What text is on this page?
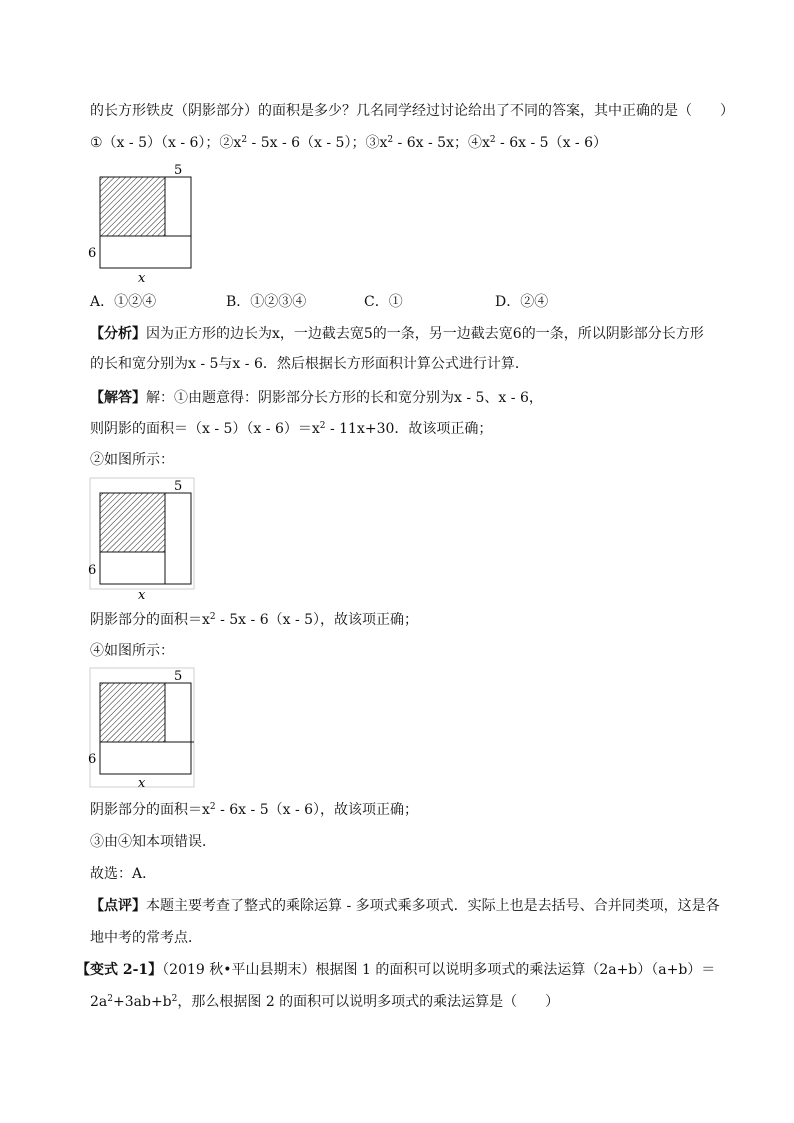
的长方形铁皮（阴影部分）的面积是多少？几名同学经过讨论给出了不同的答案，其中正确的是（　　）
①（x - 5）（x - 6）；$②x^2 - 5x - 6(x - 5)$；$③x^2 - 6x - 5x$；$④x^2 - 6x - 5(x - 6)$
5
6
x
A．①②④	B．①②③④	C．①	D．②④
【分析】因为正方形的边长为x，一边截去宽5的一条，另一边截去宽6的一条，所以阴影部分长方形
的长和宽分别为x - 5与x - 6．然后根据长方形面积计算公式进行计算．
【解答】解：①由题意得：阴影部分长方形的长和宽分别为x - 5、x - 6，
则阴影的面积$=(x - 5)(x - 6)=x^2 - 11x+30$．故该项正确；
②如图所示：
5
6
x
阴影部分的面积$=x^2 - 5x - 6(x - 5)$，故该项正确；
④如图所示：
5
6
x
阴影部分的面积$=x^2 - 6x - 5(x - 6)$，故该项正确；
③由④知本项错误．
故选：A．
【点评】本题主要考查了整式的乘除运算 - 多项式乘多项式．实际上也是去括号、合并同类项，这是各
地中考的常考点．
【变式 2-1】（2019 秋•平山县期末）根据图 1 的面积可以说明多项式的乘法运算（2a+b）（a+b）＝
$2a^2+3ab+b^2$，那么根据图 2 的面积可以说明多项式的乘法运算是（　　）
